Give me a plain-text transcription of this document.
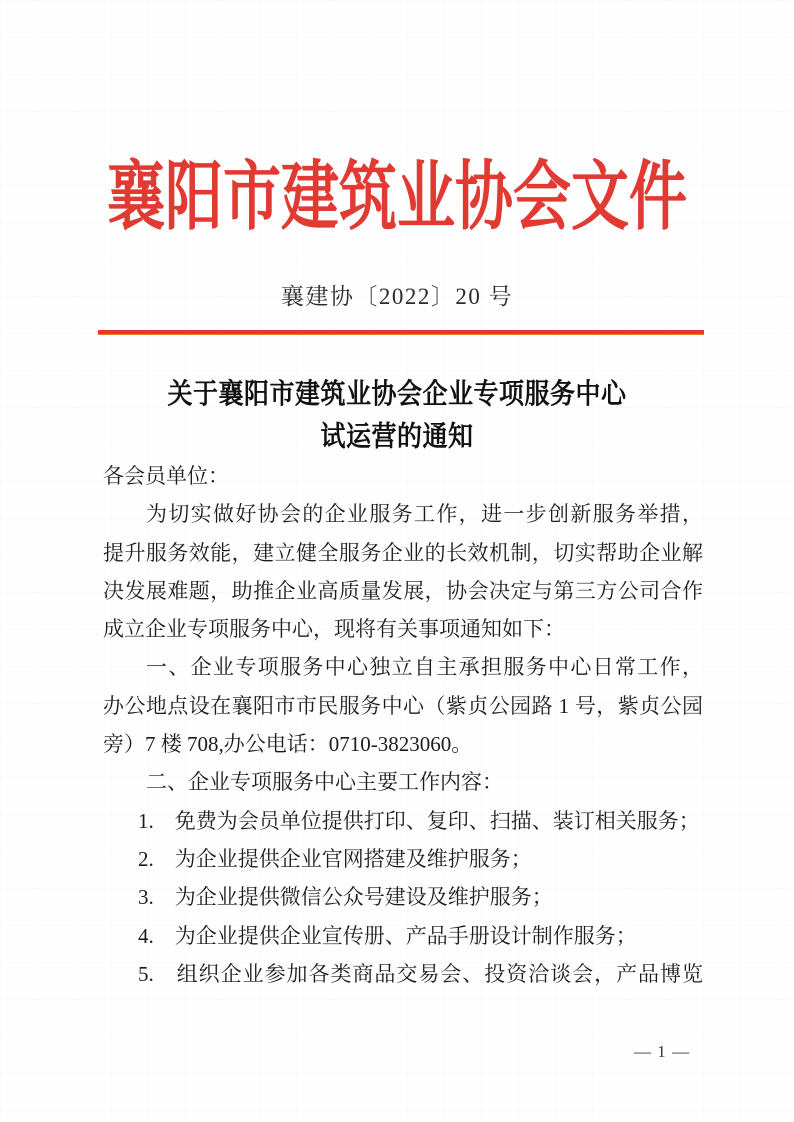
襄阳市建筑业协会文件
襄建协〔2022〕20 号
关于襄阳市建筑业协会企业专项服务中心
试运营的通知
各会员单位：
为切实做好协会的企业服务工作，进一步创新服务举措，
提升服务效能，建立健全服务企业的长效机制，切实帮助企业解
决发展难题，助推企业高质量发展，协会决定与第三方公司合作
成立企业专项服务中心，现将有关事项通知如下：
一、企业专项服务中心独立自主承担服务中心日常工作，
办公地点设在襄阳市市民服务中心（紫贞公园路 1 号，紫贞公园
旁）7 楼 708,办公电话：0710-3823060。
二、企业专项服务中心主要工作内容：
1.　免费为会员单位提供打印、复印、扫描、装订相关服务；
2.　为企业提供企业官网搭建及维护服务；
3.　为企业提供微信公众号建设及维护服务；
4.　为企业提供企业宣传册、产品手册设计制作服务；
5.　组织企业参加各类商品交易会、投资洽谈会，产品博览
— 1 —
